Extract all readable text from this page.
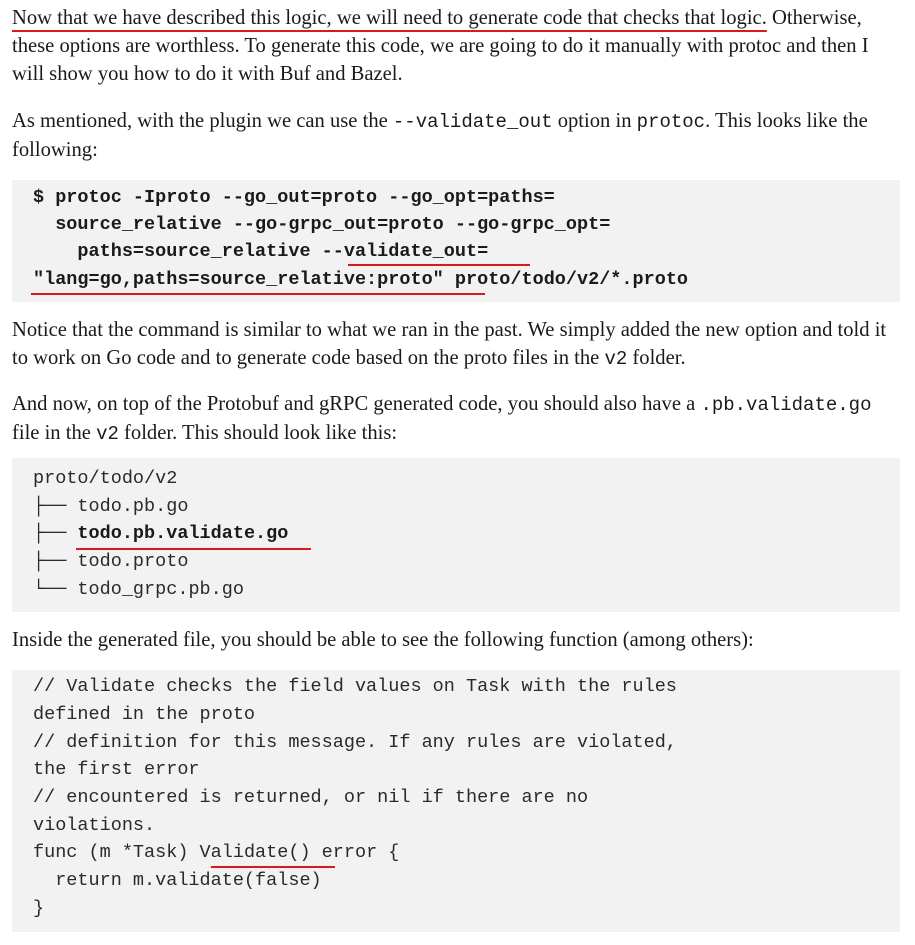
Now that we have described this logic, we will need to generate code that checks that logic. Otherwise, these options are worthless. To generate this code, we are going to do it manually with protoc and then I will show you how to do it with Buf and Bazel.

As mentioned, with the plugin we can use the --validate_out option in protoc. This looks like the following:

$ protoc -Iproto --go_out=proto --go_opt=paths=
source_relative --go-grpc_out=proto --go-grpc_opt=
paths=source_relative --validate_out=
"lang=go,paths=source_relative:proto" proto/todo/v2/*.proto

Notice that the command is similar to what we ran in the past. We simply added the new option and told it to work on Go code and to generate code based on the proto files in the v2 folder.

And now, on top of the Protobuf and gRPC generated code, you should also have a .pb.validate.go file in the v2 folder. This should look like this:

proto/todo/v2
├── todo.pb.go
├── todo.pb.validate.go
├── todo.proto
└── todo_grpc.pb.go

Inside the generated file, you should be able to see the following function (among others):

// Validate checks the field values on Task with the rules
defined in the proto
// definition for this message. If any rules are violated,
the first error
// encountered is returned, or nil if there are no
violations.
func (m *Task) Validate() error {
return m.validate(false)
}
